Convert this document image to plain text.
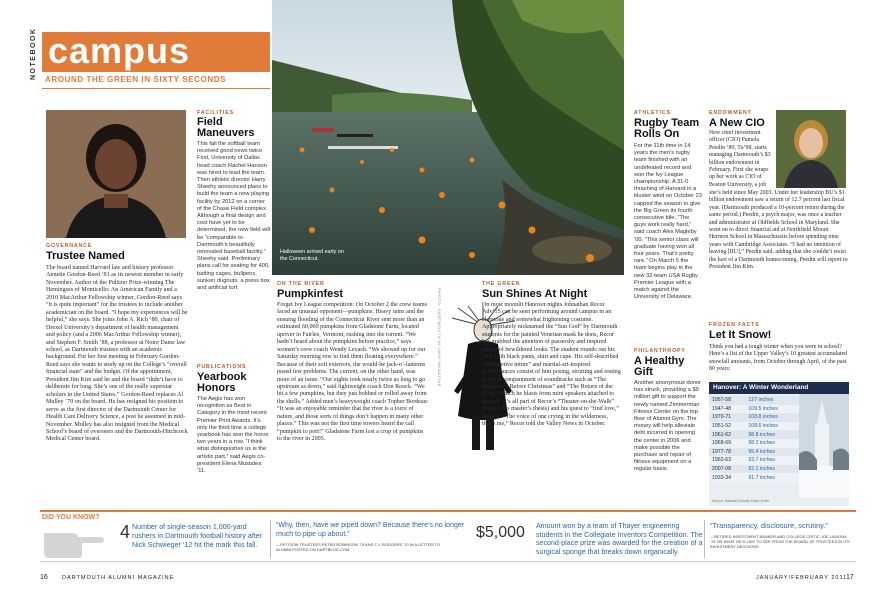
NOTEBOOK campus
AROUND THE GREEN IN SIXTY SECONDS
GOVERNANCE
Trustee Named
The board named Harvard law and history professor Annette Gordon-Reed ’81 as its newest member in early November. Author of the Pulitzer Prize-winning The Hemingses of Monticello: An American Family and a 2010 MacArthur Fellowship winner, Gordon-Reed says “it is quite important” for the trustees to include another academician on the board. “I hope my experiences will be helpful,” she says. She joins John A. Rich ’80, chair of Drexel University’s department of health management and policy (and a 2006 MacArthur Fellowship winner), and Stephen F. Smith ’88, a professor at Notre Dame law school, as Dartmouth trustees with an academic background. For her first meeting in February Gordon-Reed says she wants to study up on the College’s “overall financial state” and the budget. Of the appointment, President Jim Kim said he and the board “didn’t have to deliberate for long. She’s one of the really superstar scholars in the United States.” Gordon-Reed replaces Al Mulley ’70 on the board. He has resigned his position to serve as the first director of the Dartmouth Center for Health Care Delivery Science, a post he assumed in mid-November. Mulley has also resigned from the Medical School’s board of overseers and the Dartmouth-Hitchcock Medical Center board.
FACILITIES
Field Maneuvers
This fall the softball team received good news twice. First, University of Dallas head coach Rachel Hanson was hired to lead the team. Then athletic director Harry Sheehy announced plans to build the team a new playing facility by 2012 on a corner of the Chase Field complex. Although a final design and cost have yet to be determined, the new field will be “comparable to Dartmouth’s beautifully renovated baseball facility,” Sheehy said. Preliminary plans call for seating for 400, batting cages, bullpens, sunken dugouts, a press box and artificial turf.
PUBLICATIONS
Yearbook Honors
The Aegis has won recognition as Best in Category in the most recent Premier Print Awards. It’s only the third time a college yearbook has won the honor two years in a row. “I think what distinguishes us is the artistic part,” said Aegis co-president Elena Mustatea ’11.
Halloween arrived early on the Connecticut.
ON THE RIVER
Pumpkinfest
Forget Ivy League competition: On October 2 the crew teams faced an unusual opponent—pumpkins. Heavy rains and the ensuing flooding of the Connecticut River sent more than an estimated 60,000 pumpkins from Gladstone Farm, located upriver in Fairlee, Vermont, rushing into the torrent. “We hadn’t heard about the pumpkins before practice,” says women’s crew coach Wendy Levash. “We showed up for our Saturday morning row to find them floating everywhere.” Because of their soft exteriors, the would-be jack-o’-lanterns posed few problems. The current, on the other hand, was more of an issue. “Our eights took nearly twice as long to go upstream as down,” said lightweight coach Don Roock. “We hit a few pumpkins, but they just bobbed or rolled away from the shells.” Added men’s heavyweight coach Topher Bordeau: “It was an enjoyable reminder that the river is a force of nature, and those sorts of things don’t happen in many other places.” This was not the first time rowers heard the call “pumpkin to port!” Gladstone Farm lost a crop of pumpkins to the river in 2005.
PHOTO: DARTMOUTH ALUMNI MAGAZINE
THE GREEN
Sun Shines At Night
On most moonlit Hanover nights Johnathan Recor Adv’15 can be seen performing around campus in an elaborate and somewhat frightening costume. Appropriately nicknamed the “Sun God” by Dartmouth students for the painted Venetian mask he dons, Recor has grabbed the attention of passersby and inspired plenty of bewildered looks. The student rounds out his look with black pants, shirt and cape. His self-described “interpretive mime” and martial-art-inspired performances consist of him posing, strutting and resting to the accompaniment of soundtracks such as “The Nightmare Before Christmas” and “The Return of the King,” which he blasts from mini speakers attached to his belt. It’s all part of Recor’s “Theater-on-the-Walk” project (his master’s thesis) and his quest to “find love,” he says. “The voice of one crying in the wilderness, that’s me,” Recor told the Valley News in October.
ATHLETICS
Rugby Team Rolls On
For the 11th time in 14 years the men’s rugby team finished with an undefeated record and won the Ivy League championship. A 31-0 thrashing of Harvard in a bluster wind on October 23 capped the season to give the Big Green its fourth consecutive title. “The guys work really hard,” said coach Alex Magleby ’00. “This senior class will graduate having won all four years. That’s pretty rare.” On March 5 the team begins play in the new 32-team USA Rugby Premier League with a match against the University of Delaware.
PHILANTHROPY
A Healthy Gift
Another anonymous donor has struck, providing a $9 million gift to support the newly named Zimmerman Fitness Center on the top floor of Alumni Gym. The money will help alleviate debt incurred in opening the center in 2006 and make possible the purchase and repair of fitness equipment on a regular basis.
ENDOWMENT
A New CIO
New chief investment officer (CIO) Pamela Peedin ’89, Tu’98, starts managing Dartmouth’s $3 billion endowment in February. First she wraps up her work as CIO of Boston University, a job
she’s held since May 2003. Under her leadership BU’s $1 billion endowment saw a return of 12.7 percent last fiscal year. (Dartmouth produced a 10-percent return during the same period.) Peedin, a psych major, was once a teacher and administrator at Oldfields School in Maryland. She went on to direct financial aid at Northfield Mount Hermon School in Massachusetts before spending nine years with Cambridge Associates. “I had no intention of leaving [BU],” Peedin said, adding that she couldn’t resist the lure of a Dartmouth homecoming. Peedin will report to President Jim Kim.
FROZEN FACTS
Let It Snow!
Think you had a tough winter when you were in school? Here’s a list of the Upper Valley’s 10 greatest accumulated snowfall amounts, from October through April, of the past 80 years:
Hanover: A Winter Wonderland
1957-58	127 inches
1947-48	109.5 inches
1970-71	108.8 inches
1951-52	108.6 inches
1961-62	98.8 inches
1968-69	98.2 inches
1977-78	95.4 inches
1962-63	93.7 inches
2007-08	92.1 inches
1933-34	91.7 inches
Source: National Climatic Data Center
DID YOU KNOW?
4 Number of single-season 1,000-yard rushers in Dartmouth football history after Nick Schwieger ’12 hit the mark this fall.
“Why, then, have we piped down? Because there’s no longer much to pipe up about.”
—PETITION TRUSTEES PETER ROBINSON ’79 AND T.J. RODGERS ’70 IN A LETTER TO ALUMNI POSTED ON DARTBLOG.COM
$5,000 Amount won by a team of Thayer engineering students in the Collegiate Inventors Competition. The second-place prize was awarded for the creation of a surgical sponge that breaks down organically.
“Transparency, disclosure, scrutiny.”
—RETIRED INVESTMENT BANKER AND COLLEGE CRITIC JOE LAVIGNA ’76 ON WHAT HE’D LIKE TO SEE FROM THE BOARD OF TRUSTEES IN ITS INVESTMENT DECISIONS
16	DARTMOUTH ALUMNI MAGAZINE	JANUARY/FEBRUARY 2011
17
